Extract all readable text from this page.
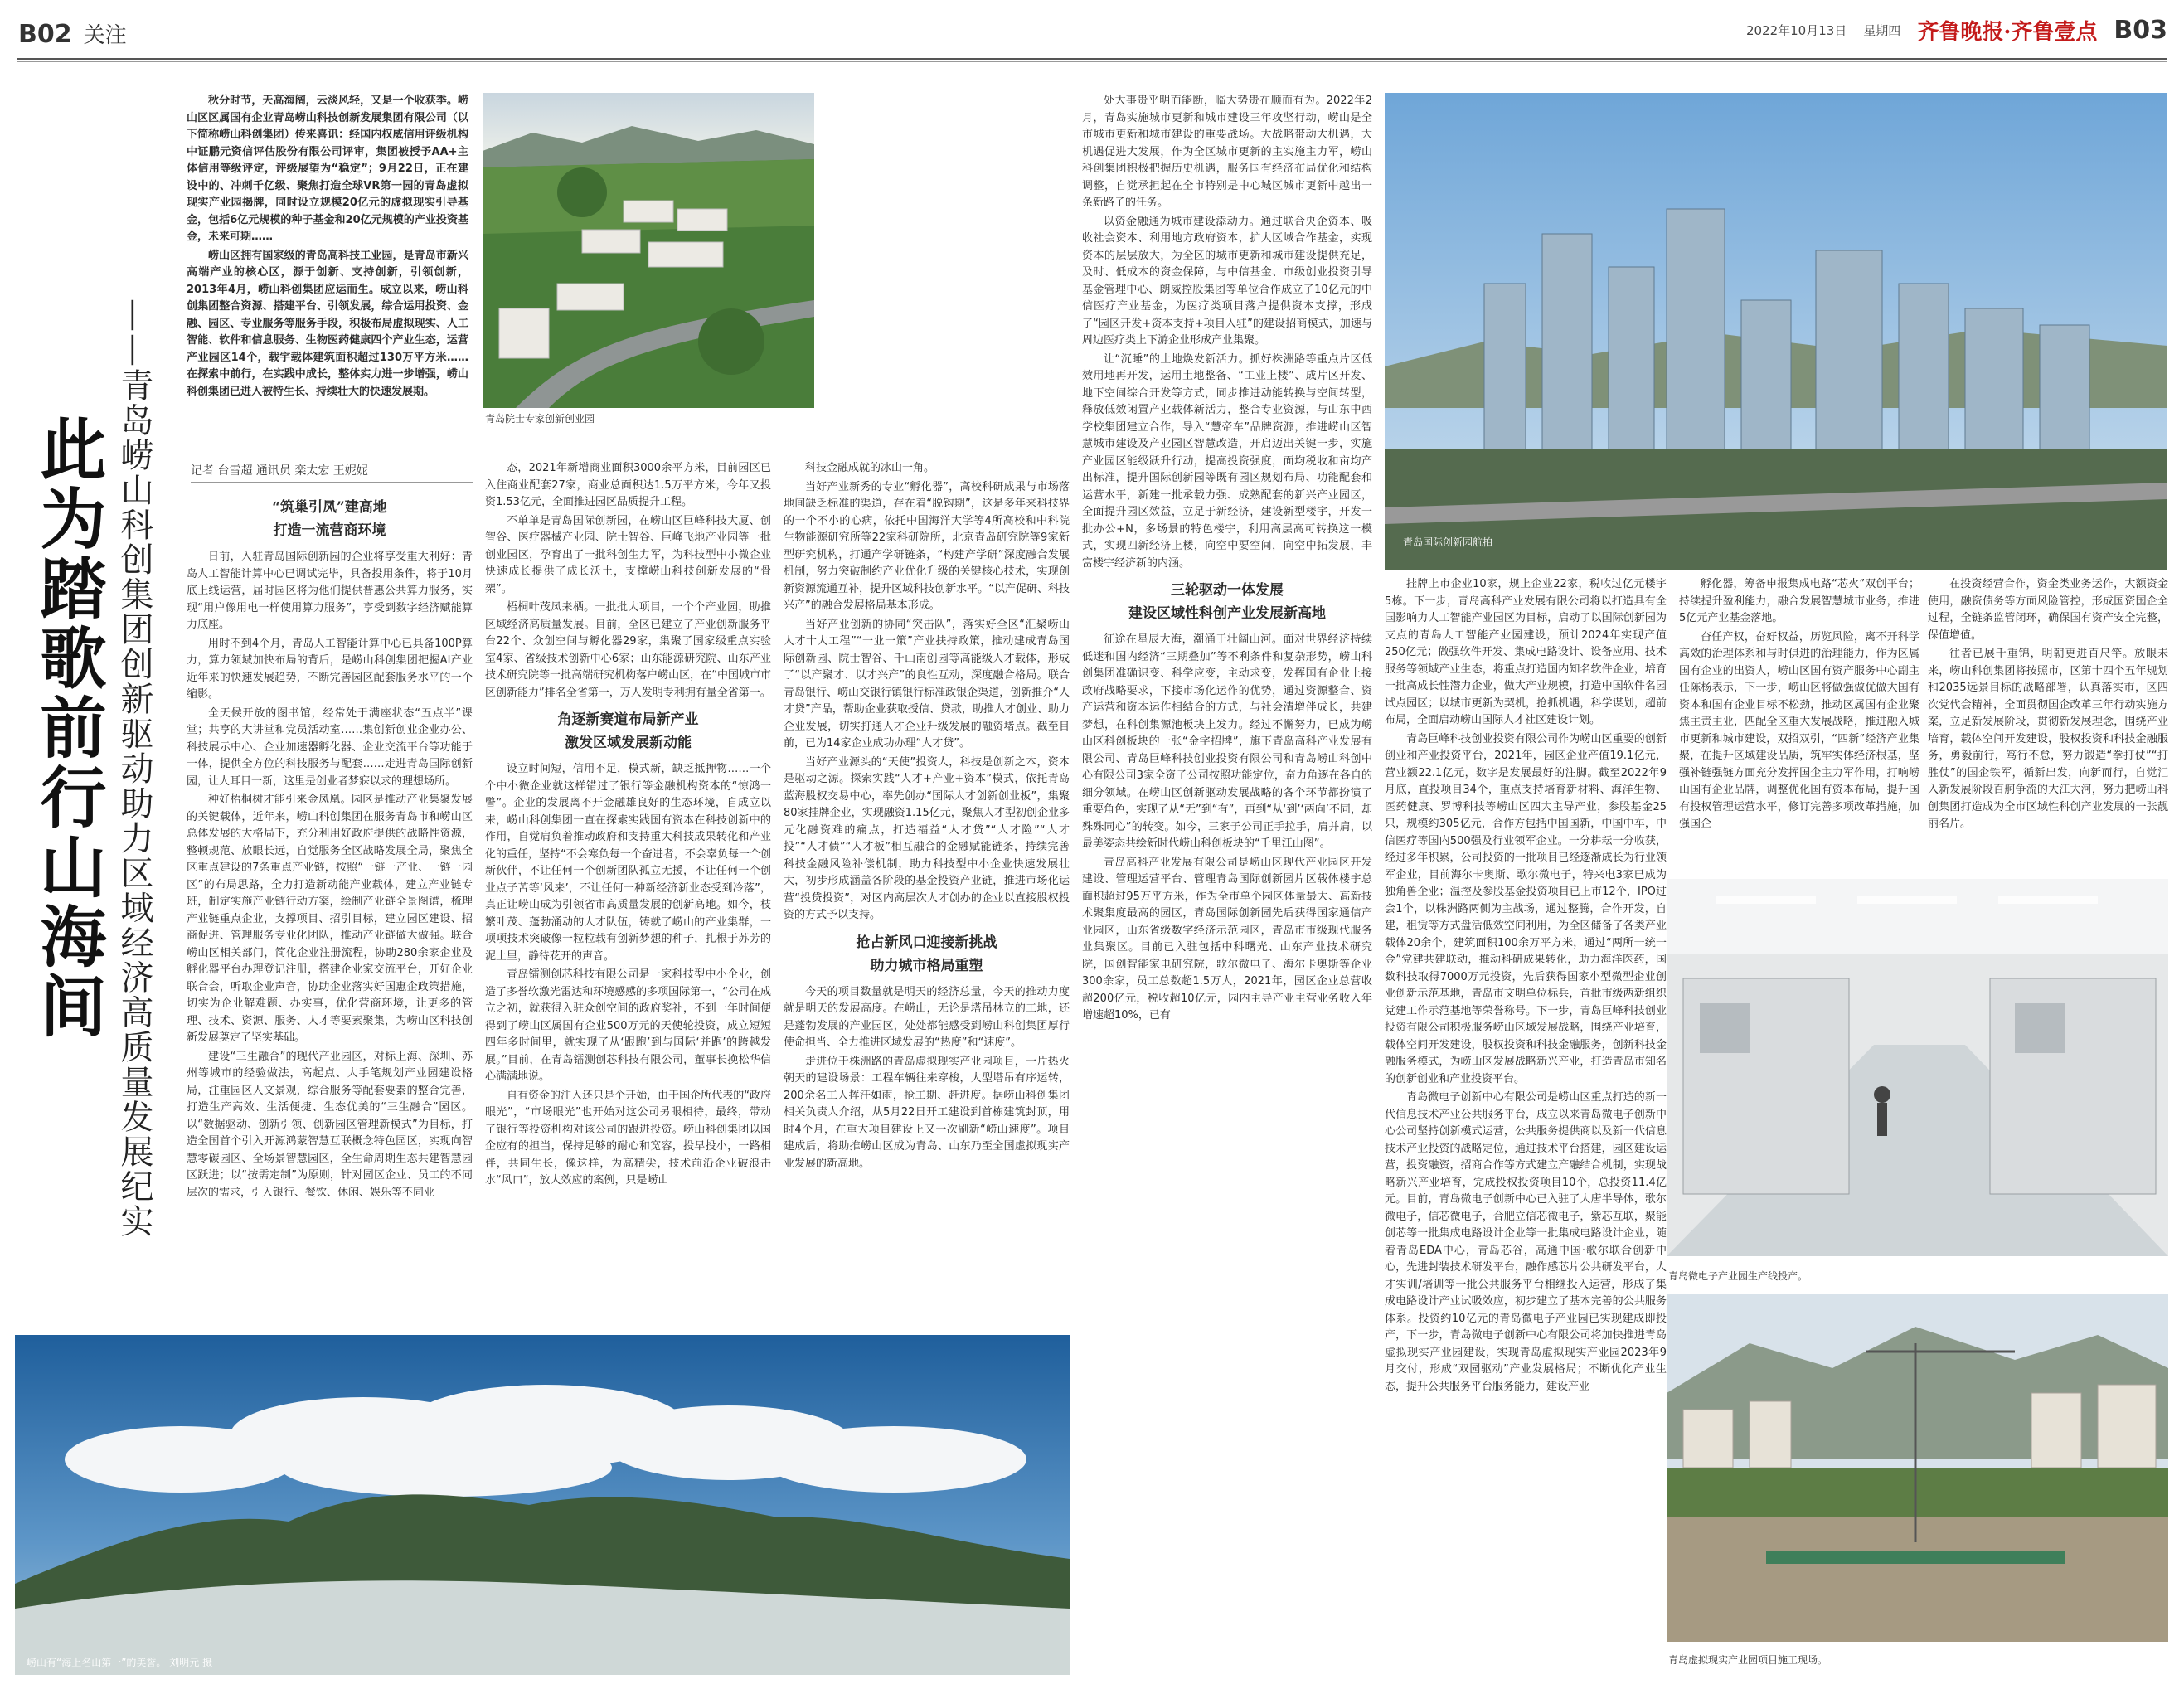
B02 关注	2022年10月13日 星期四 齐鲁晚报·齐鲁壹点 B03
此为踏歌前行山海间 ——青岛崂山科创集团创新驱动助力区域经济高质量发展纪实

秋分时节，天高海阔，云淡风轻，又是一个收获季。崂山区区属国有企业青岛崂山科技创新发展集团有限公司（以下简称崂山科创集团）传来喜讯：经国内权威信用评级机构中证鹏元资信评估股份有限公司评审，集团被授予AA+主体信用等级评定，评级展望为“稳定”；9月22日，正在建设中的、冲刺千亿级、聚焦打造全球VR第一园的青岛虚拟现实产业园揭牌，同时设立规模20亿元的虚拟现实引导基金，包括6亿元规模的种子基金和20亿元规模的产业投资基金，未来可期……

崂山区拥有国家级的青岛高科技工业园，是青岛市新兴高端产业的核心区，源于创新、支持创新，引领创新，2013年4月，崂山科创集团应运而生。成立以来，崂山科创集团整合资源、搭建平台、引领发展，综合运用投资、金融、园区、专业服务等服务手段，积极布局虚拟现实、人工智能、软件和信息服务、生物医药健康四个产业生态，运营产业园区14个，载宇载体建筑面积超过130万平方米……在探索中前行，在实践中成长，整体实力进一步增强，崂山科创集团已进入被特生长、持续壮大的快速发展期。

青岛院士专家创新创业园
记者 台雪超 通讯员 栾太宏 王妮妮
“筑巢引凤”建高地
打造一流营商环境

日前，入驻青岛国际创新园的企业将享受重大利好：青岛人工智能计算中心已调试完毕，具备投用条件，将于10月底上线运营，届时园区将为他们提供普惠公共算力服务，实现“用户像用电一样使用算力服务”，享受到数字经济赋能算力底座。

用时不到4个月，青岛人工智能计算中心已具备100P算力，算力领域加快布局的背后，是崂山科创集团把握AI产业近年来的快速发展趋势，不断完善园区配套服务水平的一个缩影。

全天候开放的图书馆，经常处于满座状态“五点半”课堂；共享的大讲堂和党员活动室……集创新创业企业办公、科技展示中心、企业加速器孵化器、企业交流平台等功能于一体，提供全方位的科技服务与配套……走进青岛国际创新园，让人耳目一新，这里是创业者梦寐以求的理想场所。

种好梧桐树才能引来金凤凰。园区是推动产业集聚发展的关键载体，近年来，崂山科创集团在服务青岛市和崂山区总体发展的大格局下，充分利用好政府提供的战略性资源，整顿规范、放眼长远，自觉服务全区战略发展全局，聚焦全区重点建设的7条重点产业链，按照“一链一产业、一链一园区”的布局思路，全力打造新动能产业载体，建立产业链专班，制定实施产业链行动方案，绘制产业链全景图谱，梳理产业链重点企业，支撑项目、招引目标，建立园区建设、招商促进、管理服务专业化团队，推动产业链做大做强。联合崂山区相关部门，简化企业注册流程，协助280余家企业及孵化器平台办理登记注册，搭建企业家交流平台，开好企业联合会，听取企业声音，协助企业落实好国惠企政策措施，切实为企业解难题、办实事，优化营商环境，让更多的管理、技术、资源、服务、人才等要素聚集，为崂山区科技创新发展奠定了坚实基础。

建设“三生融合”的现代产业园区，对标上海、深圳、苏州等城市的经验做法，高起点、大手笔规划产业园建设格局，注重园区人文景观，综合服务等配套要素的整合完善，打造生产高效、生活便捷、生态优美的“三生融合”园区。以“数据驱动、创新引领、创新园区管理新模式”为目标，打造全国首个引入开源鸿蒙智慧互联概念特色园区，实现向智慧零碳园区、全场景智慧园区，全生命周期生态共建智慧园区跃进；以“按需定制”为原则，针对园区企业、员工的不同层次的需求，引入银行、餐饮、休闲、娱乐等不同业

态，2021年新增商业面积3000余平方米，目前园区已入住商业配套27家，商业总面积达1.5万平方米，今年又投资1.53亿元，全面推进园区品质提升工程。

不单单是青岛国际创新园，在崂山区巨峰科技大厦、创智谷、医疗器械产业园、院士智谷、巨峰飞地产业园等一批创业园区，孕育出了一批科创生力军，为科技型中小微企业快速成长提供了成长沃土，支撑崂山科技创新发展的“骨架”。

梧桐叶茂凤来栖。一批批大项目，一个个产业园，助推区域经济高质量发展。目前，全区已建立了产业创新服务平台22个、众创空间与孵化器29家，集聚了国家级重点实验室4家、省级技术创新中心6家；山东能源研究院、山东产业技术研究院等一批高端研究机构落户崂山区，在“中国城市市区创新能力”排名全省第一，万人发明专利拥有量全省第一。

角逐新赛道布局新产业
激发区域发展新动能

设立时间短，信用不足，模式新，缺乏抵押物……一个个中小微企业就这样错过了银行等金融机构资本的“惊鸿一瞥”。企业的发展离不开金融雄良好的生态环境，自成立以来，崂山科创集团一直在探索实践国有资本在科技创新中的作用，自觉肩负着推动政府和支持重大科技成果转化和产业化的重任，坚持“不会寒负每一个奋进者，不会辜负每一个创新伙伴，不让任何一个创新团队孤立无援，不让任何一个创业点子苦等‘风来’，不让任何一种新经济新业态受到冷落”，真正让崂山成为引领省市高质量发展的创新高地。如今，枝繁叶茂、蓬勃涌动的人才队伍，铸就了崂山的产业集群，一项项技术突破像一粒粒载有创新梦想的种子，扎根于苏芳的泥土里，静待花开的声音。

青岛镭测创芯科技有限公司是一家科技型中小企业，创造了多誉软激光雷达和环境感感的多项国际第一，“公司在成立之初，就获得入驻众创空间的政府奖补，不到一年时间便得到了崂山区属国有企业500万元的天使轮投资，成立短短四年多时间里，就实现了从‘跟跑’到与国际‘并跑’的跨越发展。”目前，在青岛镭测创芯科技有限公司，董事长挽松华信心满满地说。

自有资金的注入还只是个开始，由于国企所代表的“政府眼光”，“市场眼光”也开始对这公司另眼相待，最终，带动了银行等投资机构对该公司的跟进投资。崂山科创集团以国企应有的担当，保持足够的耐心和宽容，投早投小，一路相伴，共同生长，像这样，为高精尖，技术前沿企业破浪击水“风口”，放大效应的案例，只是崂山

科技金融成就的冰山一角。

当好产业新秀的专业“孵化器”，高校科研成果与市场落地间缺乏标准的渠道，存在着“脱钩期”，这是多年来科技界的一个不小的心病，依托中国海洋大学等4所高校和中科院生物能源研究所等22家科研院所，北京青岛研究院等9家新型研究机构，打通产学研链条，“构建产学研”深度融合发展机制，努力突破制约产业优化升级的关键核心技术，实现创新资源流通互补，提升区域科技创新水平。“以产促研、科技兴产”的融合发展格局基本形成。

当好产业创新的协同“突击队”，落实好全区“汇聚崂山人才十大工程”“一业一策”产业扶持政策，推动建成青岛国际创新园、院士智谷、千山南创园等高能级人才载体，形成了“以产聚才、以才兴产”的良性互动，深度融合格局。联合青岛银行、崂山交银行镇银行标准政银企渠道，创新推介“人才贷”产品，帮助企业获取授信、贷款，助推人才创业、助力企业发展，切实打通人才企业升级发展的融资堵点。截至目前，已为14家企业成功办理“人才贷”。

当好产业源头的“天使”投资人，科技是创新之本，资本是驱动之源。探索实践“人才+产业+资本”模式，依托青岛蓝海股权交易中心，率先创办“国际人才创新创业板”，集聚80家挂牌企业，实现融资1.15亿元，聚焦人才型初创企业多元化融资难的痛点，打造福益“人才贷”“人才险”“人才投”“人才债”“人才板”相互融合的金融赋能链条，持续完善科技金融风险补偿机制，助力科技型中小企业快速发展壮大，初步形成涵盖各阶段的基金投资产业链，推进市场化运营“投贷投资”，对区内高层次人才创办的企业以直接股权投资的方式予以支持。

抢占新风口迎接新挑战
助力城市格局重塑

今天的项目数量就是明天的经济总量，今天的推动力度就是明天的发展高度。在崂山，无论是塔吊林立的工地，还是蓬勃发展的产业园区，处处都能感受到崂山科创集团厚行使命担当、全力推进区域发展的“热度”和“速度”。

走进位于株洲路的青岛虚拟现实产业园项目，一片热火朝天的建设场景：工程车辆往来穿梭，大型塔吊有序运转，200余名工人挥汗如雨，抢工期、赶进度。据崂山科创集团相关负责人介绍，从5月22日开工建设到首栋建筑封顶，用时4个月，在重大项目建设上又一次刷新“崂山速度”。项目建成后，将助推崂山区成为青岛、山东乃至全国虚拟现实产业发展的新高地。

崂山有“海上名山第一”的美誉。 刘明元 摄

处大事贵乎明而能断，临大势贵在顺而有为。2022年2月，青岛实施城市更新和城市建设三年攻坚行动，崂山是全市城市更新和城市建设的重要战场。大战略带动大机遇，大机遇促进大发展，作为全区城市更新的主实施主力军，崂山科创集团积极把握历史机遇，服务国有经济布局优化和结构调整，自觉承担起在全市特别是中心城区城市更新中越出一条新路子的任务。

以资金融通为城市建设添动力。通过联合央企资本、吸收社会资本、利用地方政府资本，扩大区域合作基金，实现资本的层层放大，为全区的城市更新和城市建设提供充足，及时、低成本的资金保障，与中信基金、市级创业投资引导基金管理中心、朗威控股集团等单位合作成立了10亿元的中信医疗产业基金，为医疗类项目落户提供资本支撑，形成了“园区开发+资本支持+项目入驻”的建设招商模式，加速与周边医疗类上下游企业形成产业集聚。

让“沉睡”的土地焕发新活力。抓好株洲路等重点片区低效用地再开发，运用土地整备、“工业上楼”、成片区开发、地下空间综合开发等方式，同步推进动能转换与空间转型，释放低效闲置产业载体新活力，整合专业资源，与山东中西学校集团建立合作，导入“慧帝车”品牌资源，推进崂山区智慧城市建设及产业园区智慧改造，开启迈出关键一步，实施产业园区能级跃升行动，提高投资强度，面均税收和亩均产出标准，提升国际创新园等既有园区规划布局、功能配套和运营水平，新建一批承载力强、成熟配套的新兴产业园区，全面提升园区效益，立足于新经济，建设新型楼宇，开发一批办公+N，多场景的特色楼宇，利用高层高可转换这一模式，实现四新经济上楼，向空中要空间，向空中拓发展，丰富楼宇经济新的内涵。

三轮驱动一体发展
建设区域性科创产业发展新高地

征途在星辰大海，潮涌于壮阔山河。面对世界经济持续低迷和国内经济“三期叠加”等不利条件和复杂形势，崂山科创集团准确识变、科学应变，主动求变，发挥国有企业上接政府战略要求，下接市场化运作的优势，通过资源整合、资产运营和资本运作相结合的方式，与社会清增伴成长，共建梦想，在科创集源池板块上发力。经过不懈努力，已成为崂山区科创板块的一张“金字招牌”，旗下青岛高科产业发展有限公司、青岛巨峰科技创业投资有限公司和青岛崂山科创中心有限公司3家全资子公司按照功能定位，奋力角逐在各自的细分领域。在崂山区创新驱动发展战略的各个环节都扮演了重要角色，实现了从“无”到“有”，再到“从‘到’‘两向’不同，却殊殊同心”的转变。如今，三家子公司正手拉手，肩并肩，以最美姿态共绘新时代崂山科创板块的“千里江山图”。

青岛高科产业发展有限公司是崂山区现代产业园区开发建设、管理运营平台、管理青岛国际创新园片区载体楼宇总面积超过95万平方米，作为全市单个园区体量最大、高新技术聚集度最高的园区，青岛国际创新园先后获得国家通信产业园区，山东省级数字经济示范园区，青岛市市级现代服务业集聚区。目前已入驻包括中科曙光、山东产业技术研究院，国创智能家电研究院，歌尔微电子、海尔卡奥斯等企业300余家，员工总数超1.5万人，2021年，园区企业总营收超200亿元，税收超10亿元，园内主导产业主营业务收入年增速超10%，已有

青岛国际创新园航拍

挂牌上市企业10家，规上企业22家，税收过亿元楼宇5栋。下一步，青岛高科产业发展有限公司将以打造具有全国影响力人工智能产业园区为目标，启动了以国际创新园为支点的青岛人工智能产业园建设，预计2024年实现产值250亿元；做强软件开发、集成电路设计、设备应用、技术服务等领域产业生态，将重点打造国内知名软件企业，培育一批高成长性潜力企业，做大产业规模，打造中国软件名园试点园区；以城市更新为契机，抢抓机遇，科学谋划，超前布局，全面启动崂山国际人才社区建设计划。

青岛巨峰科技创业投资有限公司作为崂山区重要的创新创业和产业投资平台，2021年，园区企业产值19.1亿元，营业额22.1亿元，数字是发展最好的注脚。截至2022年9月底，直投项目34个，重点支持培育新材料、海洋生物、医药健康、罗博科技等崂山区四大主导产业，参股基金25只，规模约305亿元，合作方包括中国国新，中国中车，中信医疗等国内500强及行业领军企业。一分耕耘一分收获，经过多年积累，公司投资的一批项目已经逐渐成长为行业领军企业，目前海尔卡奥斯、歌尔微电子，特来电3家已成为独角兽企业；温控及参股基金投资项目已上市12个，IPO过会1个，以株洲路两侧为主战场，通过整腾，合作开发，自建，租赁等方式盘活低效空间利用，为全区储备了各类产业载体20余个，建筑面积100余万平方米，通过“两所一统一金”党建共建联动，推动科研成果转化，助力海洋医药，国数科技取得7000万元投资，先后获得国家小型微型企业创业创新示范基地，青岛市文明单位标兵，首批市级两新组织党建工作示范基地等荣誉称号。下一步，青岛巨峰科技创业投资有限公司积极服务崂山区域发展战略，围绕产业培育，载体空间开发建设，股权投资和科技金融服务，创新科技金融服务模式，为崂山区发展战略新兴产业，打造青岛市知名的创新创业和产业投资平台。

青岛微电子创新中心有限公司是崂山区重点打造的新一代信息技术产业公共服务平台，成立以来青岛微电子创新中心公司坚持创新模式运营，公共服务提供商以及新一代信息技术产业投资的战略定位，通过技术平台搭建，园区建设运营，投资融资，招商合作等方式建立产融结合机制，实现战略新兴产业培育，完成投权投资项目10个，总投资11.4亿元。目前，青岛微电子创新中心已入驻了大唐半导体，歌尔微电子，信芯微电子，合肥立信芯微电子，紫芯互联，聚能创芯等一批集成电路设计企业等一批集成电路设计企业，随着青岛EDA中心，青岛芯谷，高通中国·歌尔联合创新中心，先进封装技术研发平台，融作感芯片公共研发平台，人才实训/培训等一批公共服务平台相继投入运营，形成了集成电路设计产业试吸效应，初步建立了基本完善的公共服务体系。投资约10亿元的青岛微电子产业园已实现建成即投产，下一步，青岛微电子创新中心有限公司将加快推进青岛虚拟现实产业园建设，实现青岛虚拟现实产业园2023年9月交付，形成“双园驱动”产业发展格局；不断优化产业生态，提升公共服务平台服务能力，建设产业

孵化器，筹备申报集成电路“芯火”双创平台；持续提升盈利能力，融合发展智慧城市业务，推进5亿元产业基金落地。

奋任产权，奋好权益，历览风险，离不开科学高效的治理体系和与时俱进的治理能力，作为区属国有企业的出资人，崂山区国有资产服务中心副主任陈杨表示，下一步，崂山区将做强做优做大国有资本和国有企业目标不松劲，推动区属国有企业聚焦主责主业，匹配全区重大发展战略，推进融入城市更新和城市建设，双招双引，“四新”经济产业集聚，在提升区域建设品质，筑牢实体经济根基，坚强补链强链方面充分发挥国企主力军作用，打响崂山国有企业品牌，调整优化国有资本布局，提升国有投权管理运营水平，修订完善多项改革措施，加强国企

在投资经营合作，资金类业务运作，大额资金使用，融资债务等方面风险管控，形成国资国企全过程，全链条监管闭环，确保国有资产安全完整，保值增值。

往者已展千重锦，明朝更进百尺竿。放眼未来，崂山科创集团将按照市，区第十四个五年规划和2035远景目标的战略部署，认真落实市，区四次党代会精神，全面贯彻国企改革三年行动实施方案，立足新发展阶段，贯彻新发展理念，围绕产业培育，载体空间开发建设，股权投资和科技金融服务，勇毅前行，笃行不怠，努力锻造“拳打仗”“打胜仗”的国企铁军，循新出发，向新而行，自觉汇入新发展阶段百舸争流的大江大河，努力把崂山科创集团打造成为全市区域性科创产业发展的一张靓丽名片。

青岛微电子产业园生产线投产。
青岛虚拟现实产业园项目施工现场。
